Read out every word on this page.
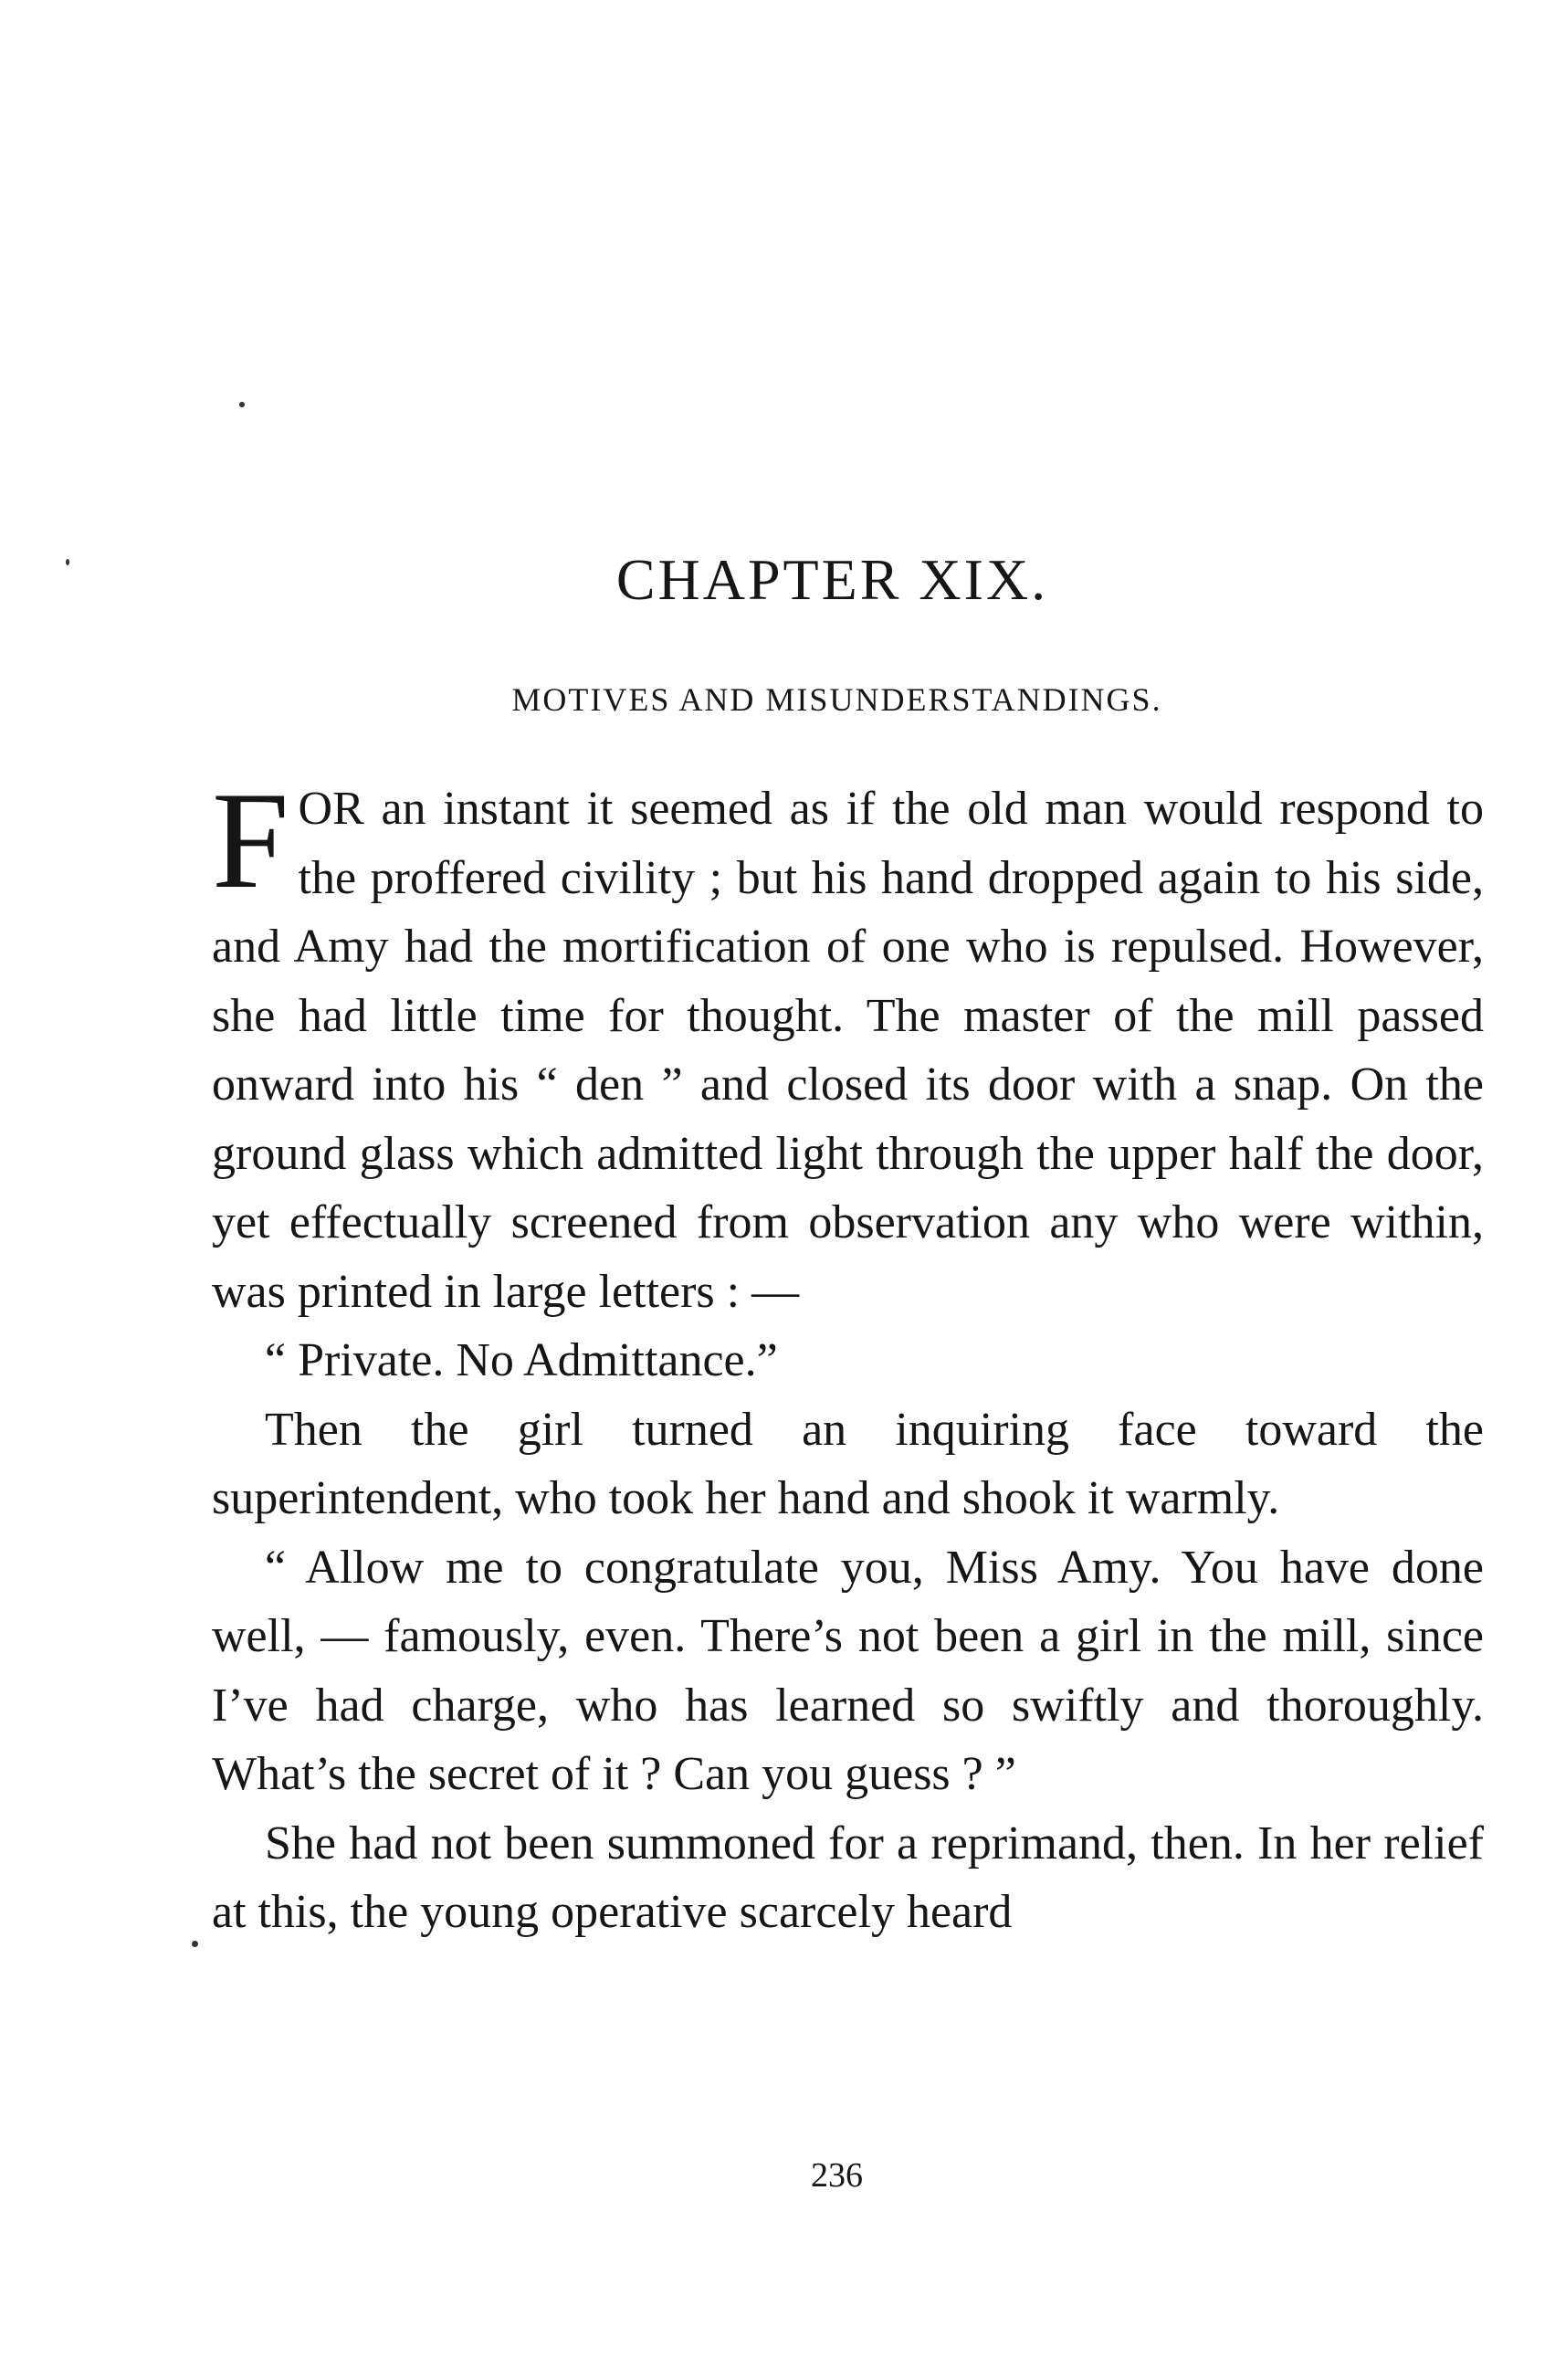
CHAPTER XIX.
MOTIVES AND MISUNDERSTANDINGS.

FOR an instant it seemed as if the old man would respond to the proffered civility ; but his hand dropped again to his side, and Amy had the mortification of one who is repulsed. However, she had little time for thought. The master of the mill passed onward into his “ den ” and closed its door with a snap. On the ground glass which admitted light through the upper half the door, yet effectually screened from observation any who were within, was printed in large letters : —

“ Private. No Admittance.”

Then the girl turned an inquiring face toward the superintendent, who took her hand and shook it warmly.

“ Allow me to congratulate you, Miss Amy. You have done well, — famously, even. There’s not been a girl in the mill, since I’ve had charge, who has learned so swiftly and thoroughly. What’s the secret of it ? Can you guess ? ”

She had not been summoned for a reprimand, then. In her relief at this, the young operative scarcely heard

236
